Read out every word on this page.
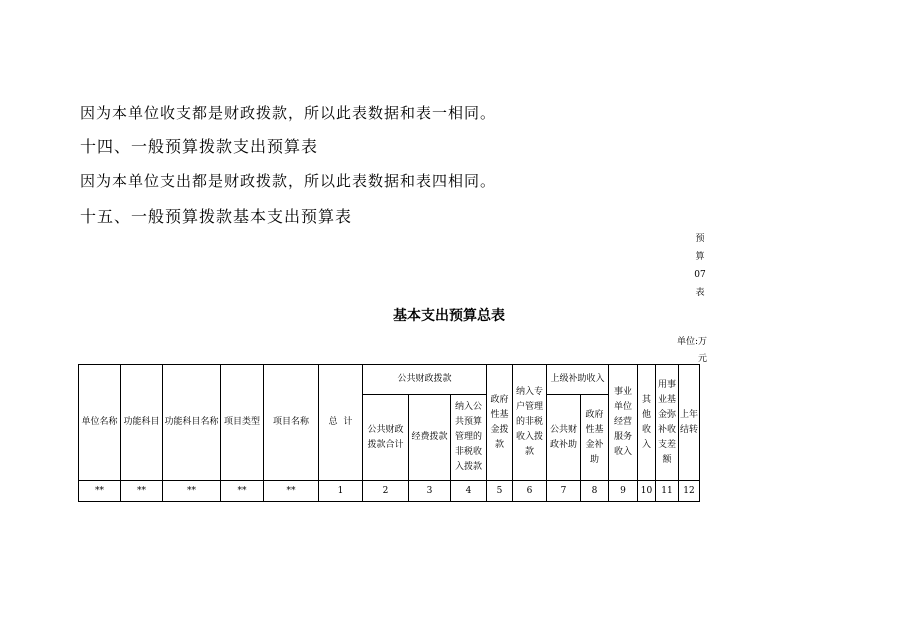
因为本单位收支都是财政拨款，所以此表数据和表一相同。
十四、一般预算拨款支出预算表
因为本单位支出都是财政拨款，所以此表数据和表四相同。
十五、一般预算拨款基本支出预算表
预
算
07
表
基本支出预算总表
单位:万
元
单位名称	功能科目	功能科目名称	项目类型	项目名称	总  计	公共财政拨款			政府性基金拨款	纳入专户管理的非税收入拨款	上级补助收入		事业单位经营服务收入	其他收入	用事业基金弥补收支差额	上年结转
						公共财政拨款合计	经费拨款	纳入公共预算管理的非税收入拨款			公共财政补助	政府性基金补助				
**	**	**	**	**	1	2	3	4	5	6	7	8	9	10	11	12
